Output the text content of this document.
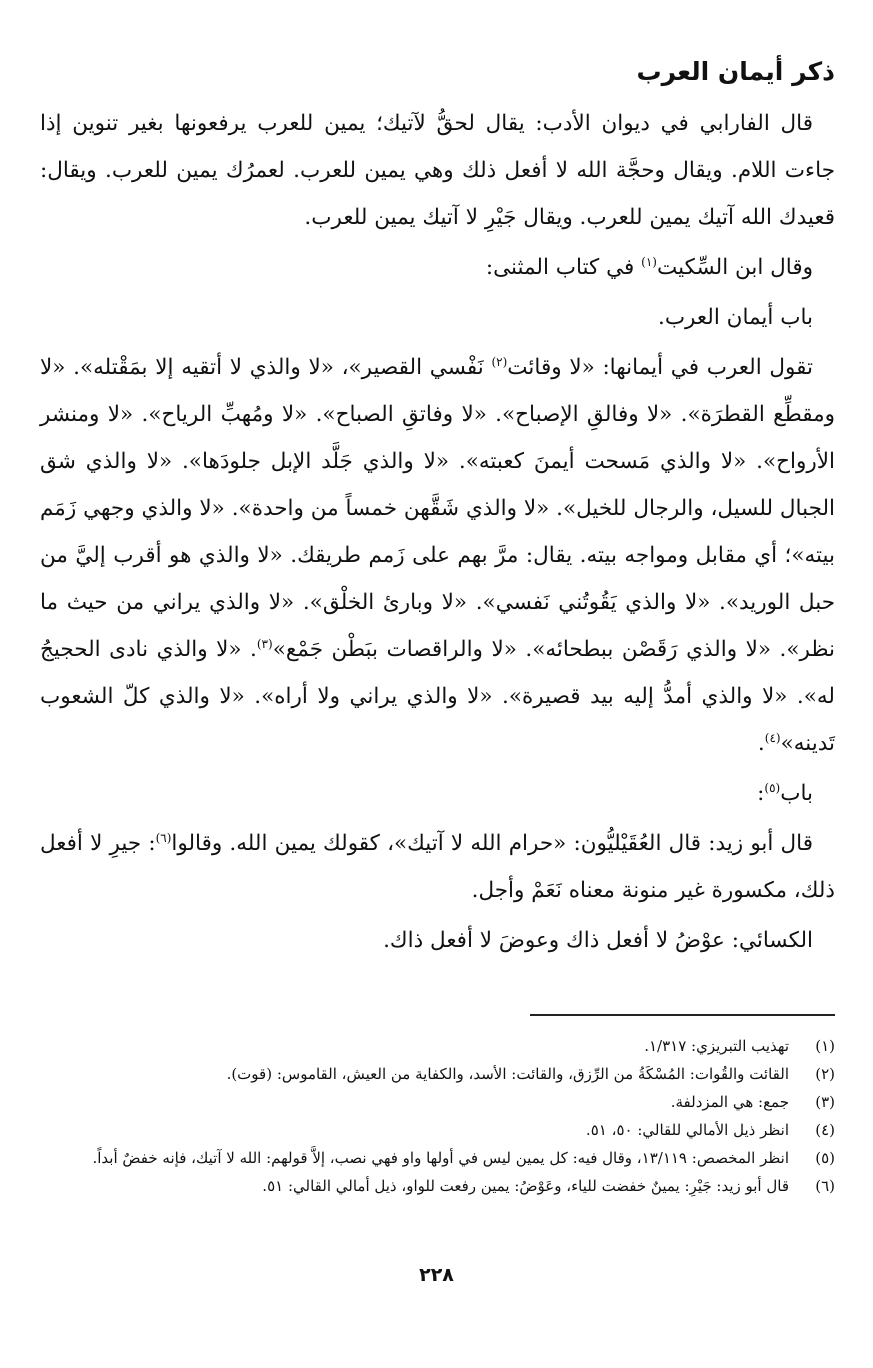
ذكر أيمان العرب

قال الفارابي في ديوان الأدب: يقال لحقُّ لآتيك؛ يمين للعرب يرفعونها بغير تنوين إذا جاءت اللام. ويقال وحجَّة الله لا أفعل ذلك وهي يمين للعرب. لعمرُك يمين للعرب. ويقال: قعيدك الله آتيك يمين للعرب. ويقال جَيْرِ لا آتيك يمين للعرب.

وقال ابن السِّكيت$^{(١)}$ في كتاب المثنى:

باب أيمان العرب.

تقول العرب في أيمانها: «لا وقائت$^{(٢)}$ نَفْسي القصير»، «لا والذي لا أتقيه إلا بمَقْتله». «لا ومقطِّع القطرَة». «لا وفالقِ الإصباح». «لا وفاتقِ الصباح». «لا ومُهبِّ الرياح». «لا ومنشر الأرواح». «لا والذي مَسحت أيمنَ كعبته». «لا والذي جَلَّد الإبل جلودَها». «لا والذي شق الجبال للسيل، والرجال للخيل». «لا والذي شَقَّهن خمساً من واحدة». «لا والذي وجهي زَمَم بيته»؛ أي مقابل ومواجه بيته. يقال: مرَّ بهم على زَمم طريقك. «لا والذي هو أقرب إليَّ من حبل الوريد». «لا والذي يَقُوتُني نَفسي». «لا وبارئ الخلْق». «لا والذي يراني من حيث ما نظر». «لا والذي رَقَصْن ببطحائه». «لا والراقصات ببَطْن جَمْع»$^{(٣)}$. «لا والذي نادى الحجيجُ له». «لا والذي أمدُّ إليه بيد قصيرة». «لا والذي يراني ولا أراه». «لا والذي كلّ الشعوب تَدينه»$^{(٤)}$.

باب$^{(٥)}$:

قال أبو زيد: قال العُقَيْليُّون: «حرام الله لا آتيك»، كقولك يمين الله. وقالوا$^{(٦)}$: جيرِ لا أفعل ذلك، مكسورة غير منونة معناه نَعَمْ وأجل.

الكسائي: عوْضُ لا أفعل ذاك وعوضَ لا أفعل ذاك.

(١)
تهذيب التبريزي: ١/٣١٧.
(٢)
القائت والقُوات: المُسْكَةُ من الرِّزق، والقائت: الأسد، والكفاية من العيش، القاموس: (قوت).
(٣)
جمع: هي المزدلفة.
(٤)
انظر ذيل الأمالي للقالي: ٥٠، ٥١.
(٥)
انظر المخصص: ١٣/١١٩، وقال فيه: كل يمين ليس في أولها واو فهي نصب، إلاَّ قولهم: الله لا آتيك، فإنه خفضٌ أبداً.
(٦)
قال أبو زيد: جَيْرِ: يمينٌ خفضت للياء، وعَوْضُ: يمين رفعت للواو، ذيل أمالي القالي: ٥١.
٢٢٨
